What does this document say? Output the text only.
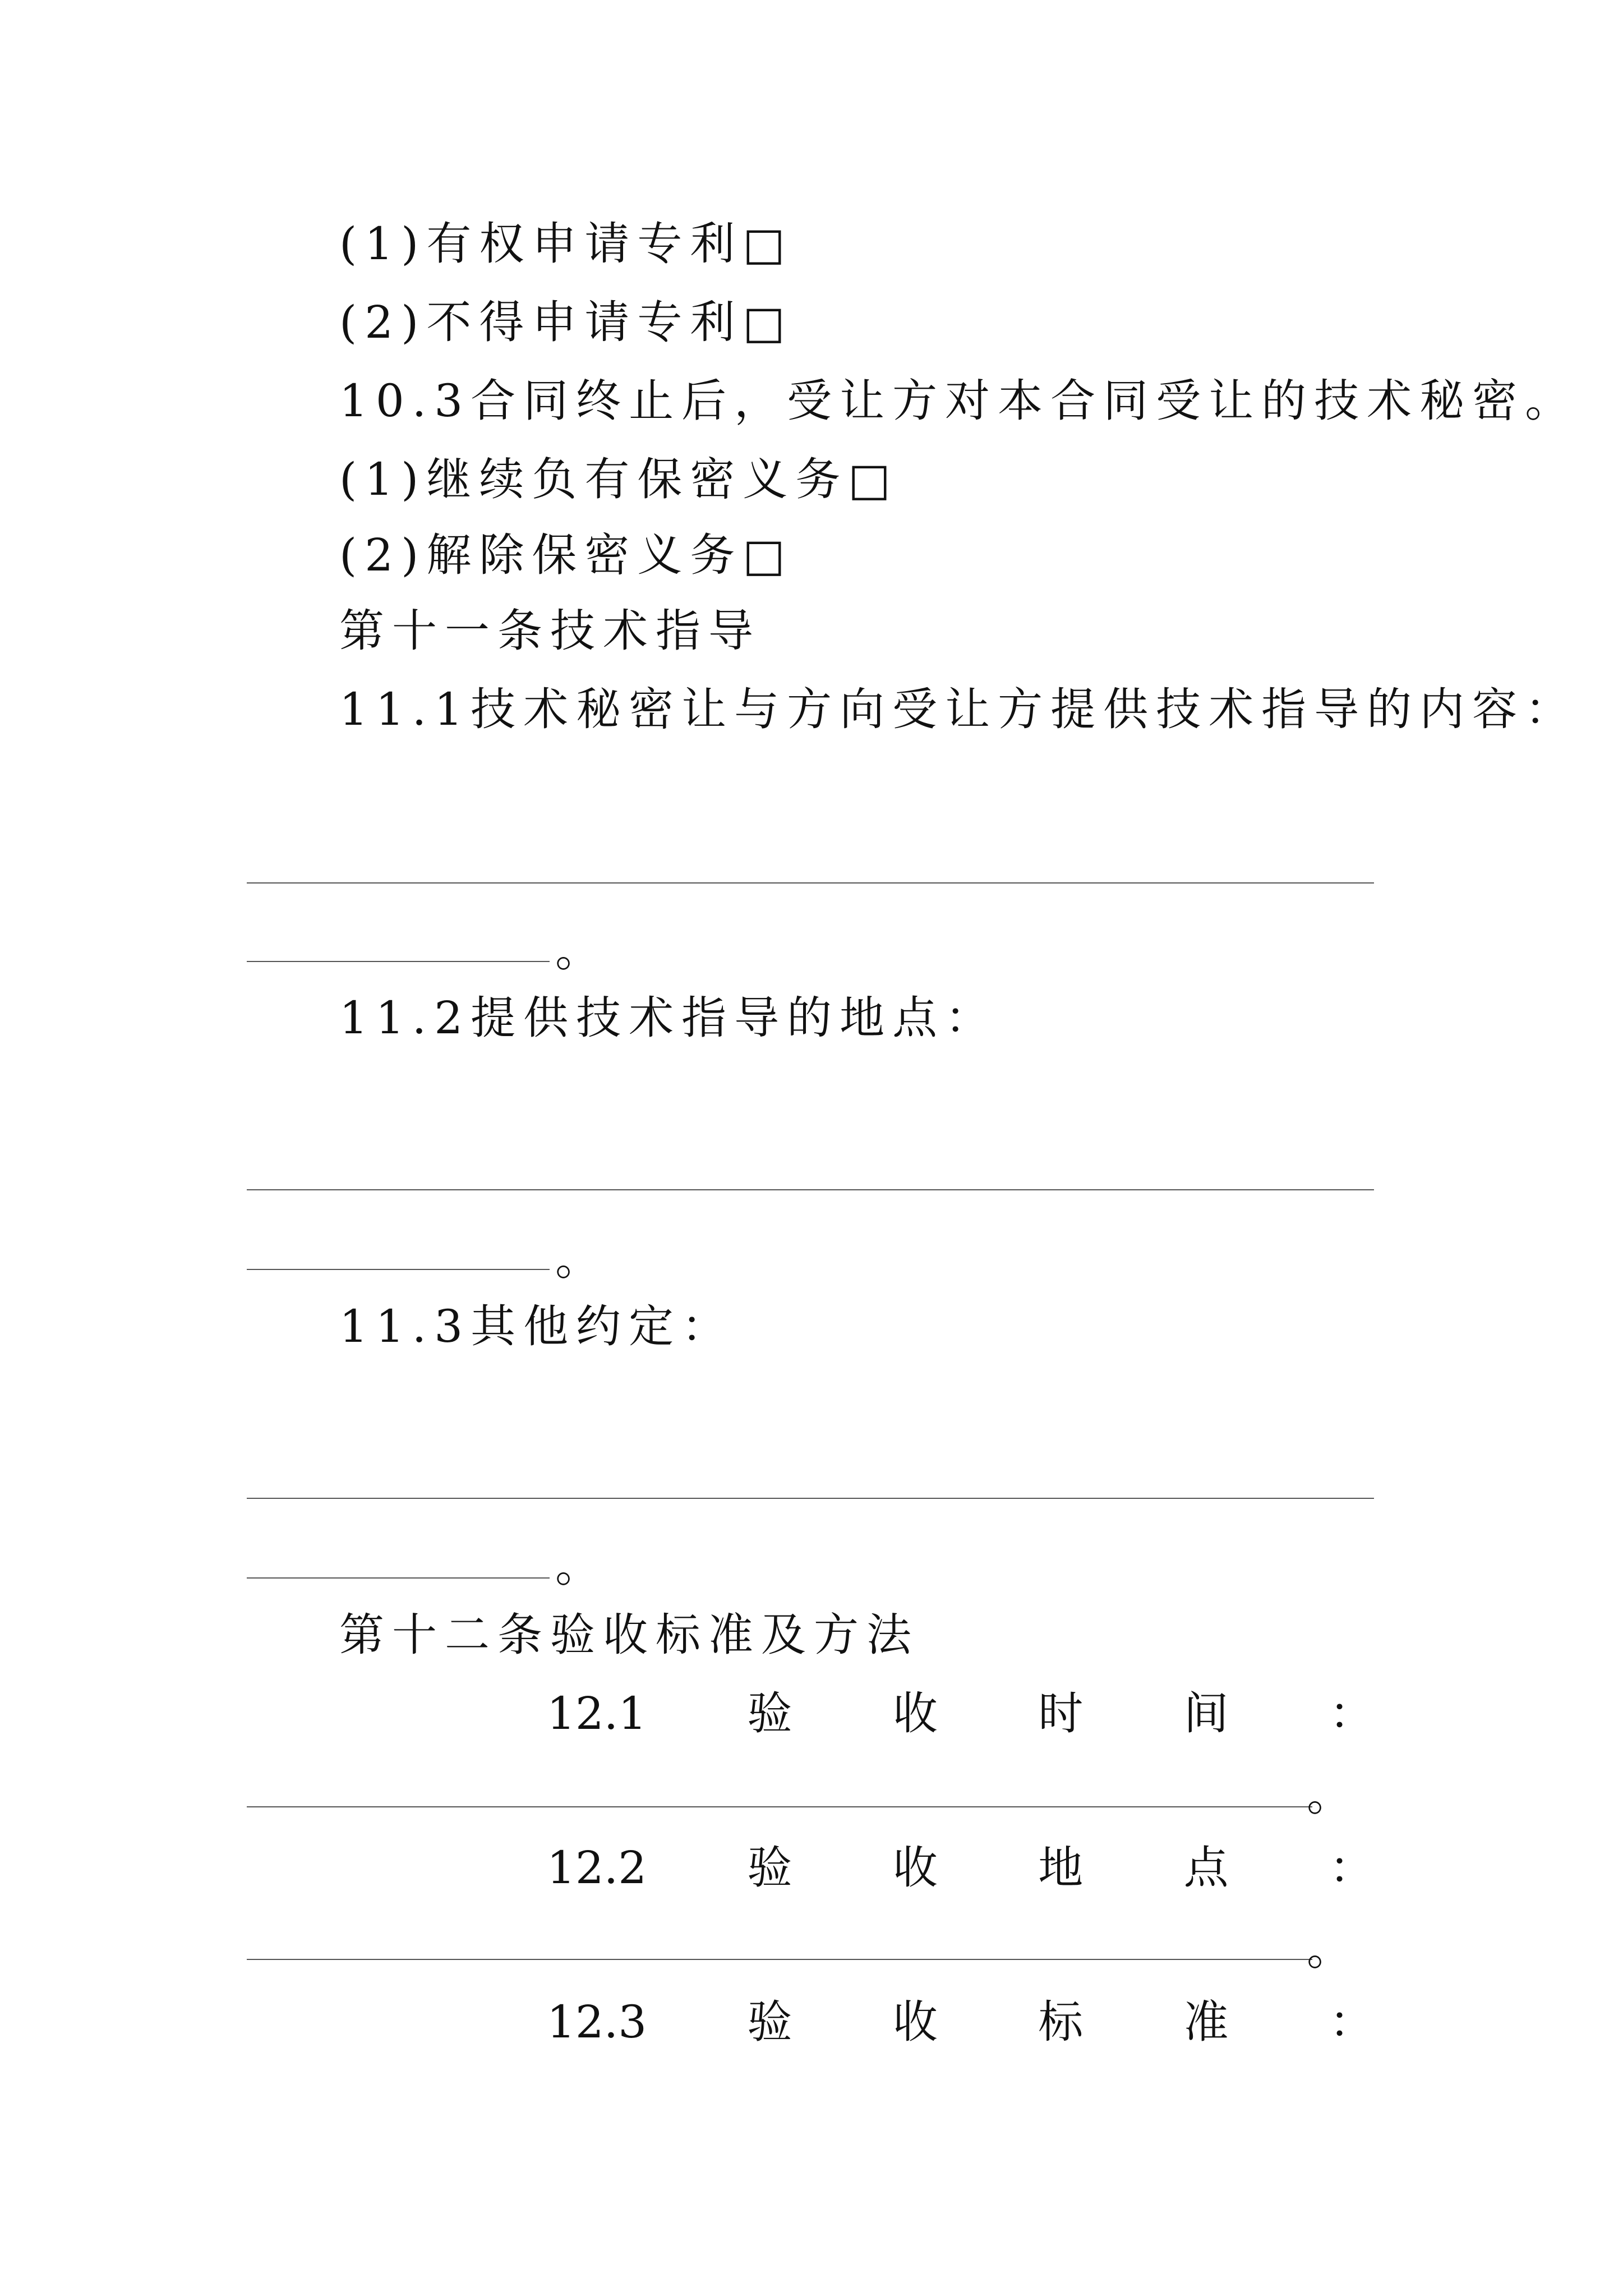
(1)有权申请专利□
(2)不得申请专利□
10.3合同终止后，受让方对本合同受让的技术秘密。
(1)继续负有保密义务□
(2)解除保密义务□
第十一条技术指导
11.1技术秘密让与方向受让方提供技术指导的内容：
。
11.2提供技术指导的地点：
。
11.3其他约定：
。
第十二条验收标准及方法
12.1 验 收 时 间 ：
。
12.2 验 收 地 点 ：
。
12.3 验 收 标 准 ：
